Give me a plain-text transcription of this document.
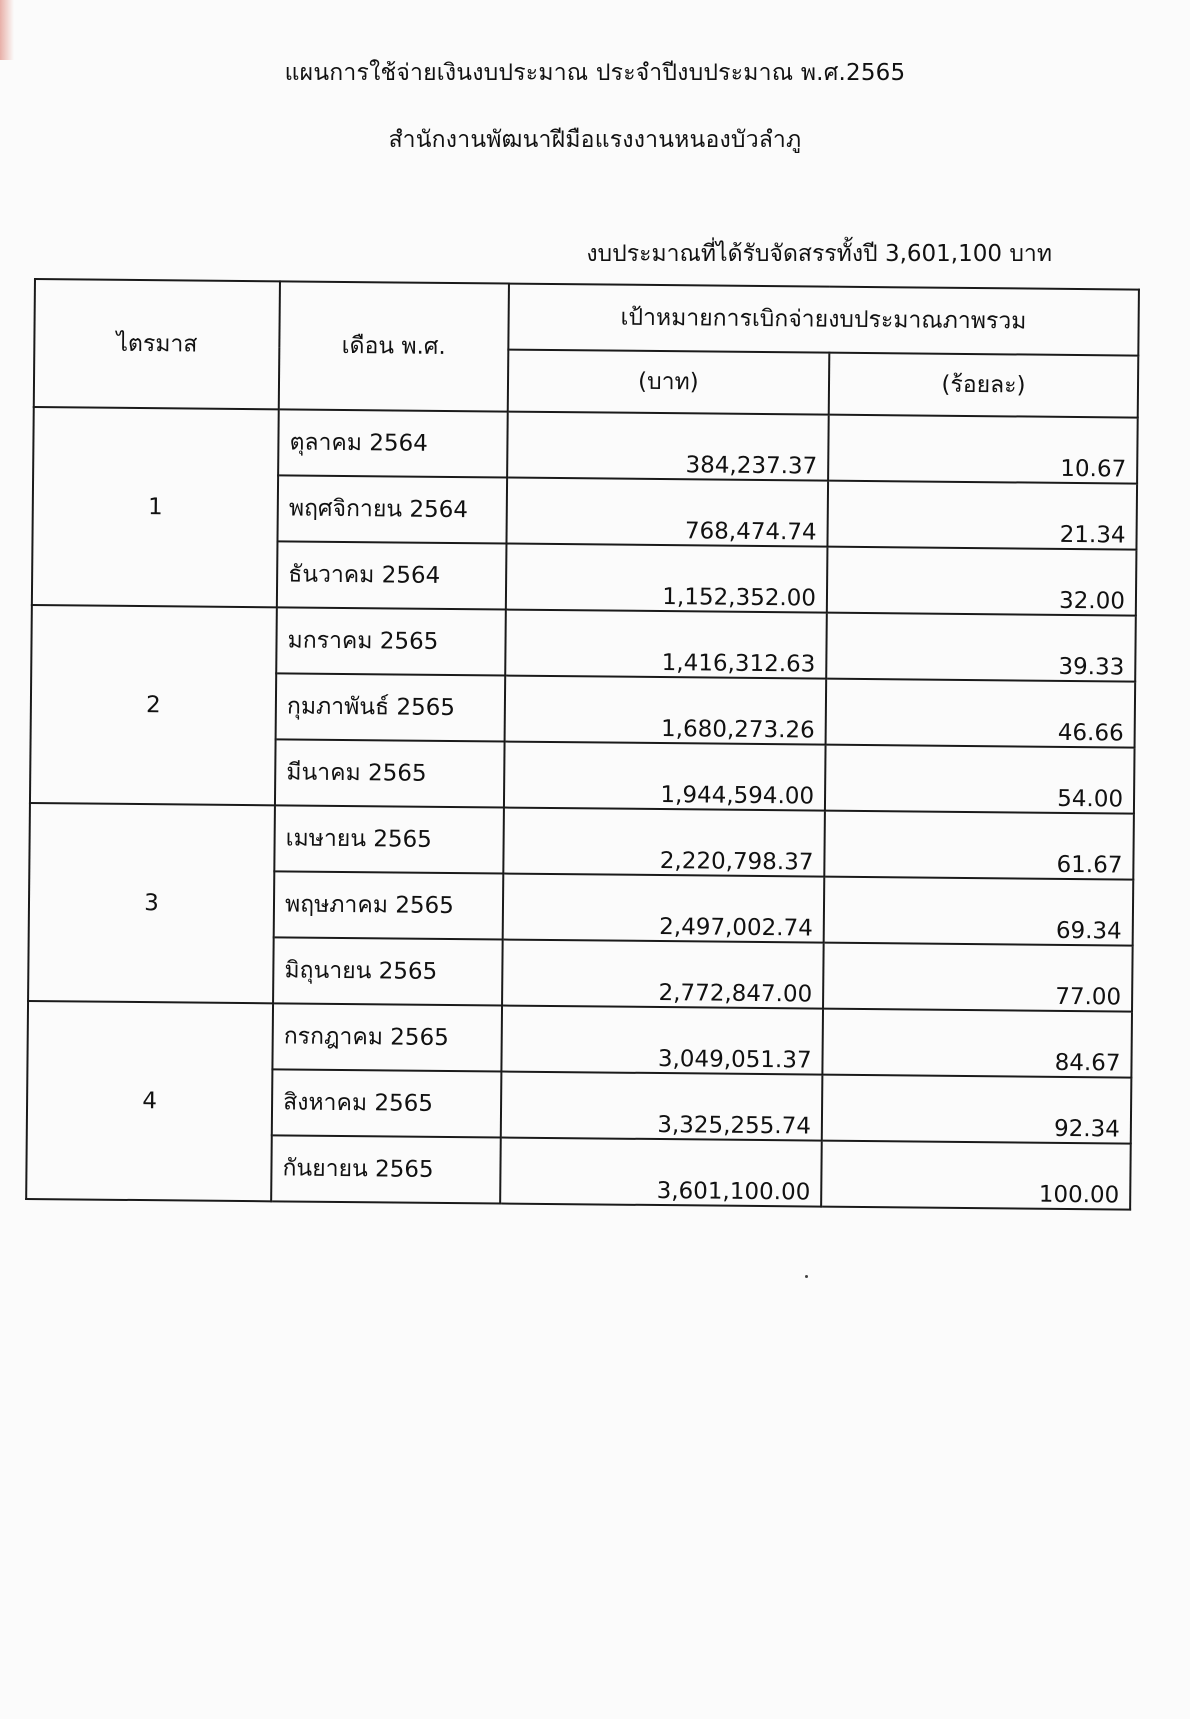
แผนการใช้จ่ายเงินงบประมาณ ประจำปีงบประมาณ พ.ศ.2565
สำนักงานพัฒนาฝีมือแรงงานหนองบัวลำภู
งบประมาณที่ได้รับจัดสรรทั้งปี 3,601,100 บาท
ไตรมาส	เดือน พ.ศ.	เป้าหมายการเบิกจ่ายงบประมาณภาพรวม	
		(บาท)	(ร้อยละ)
1	ตุลาคม 2564	384,237.37	10.67
	พฤศจิกายน 2564	768,474.74	21.34
	ธันวาคม 2564	1,152,352.00	32.00
2	มกราคม 2565	1,416,312.63	39.33
	กุมภาพันธ์ 2565	1,680,273.26	46.66
	มีนาคม 2565	1,944,594.00	54.00
3	เมษายน 2565	2,220,798.37	61.67
	พฤษภาคม 2565	2,497,002.74	69.34
	มิถุนายน 2565	2,772,847.00	77.00
4	กรกฎาคม 2565	3,049,051.37	84.67
	สิงหาคม 2565	3,325,255.74	92.34
	กันยายน 2565	3,601,100.00	100.00
